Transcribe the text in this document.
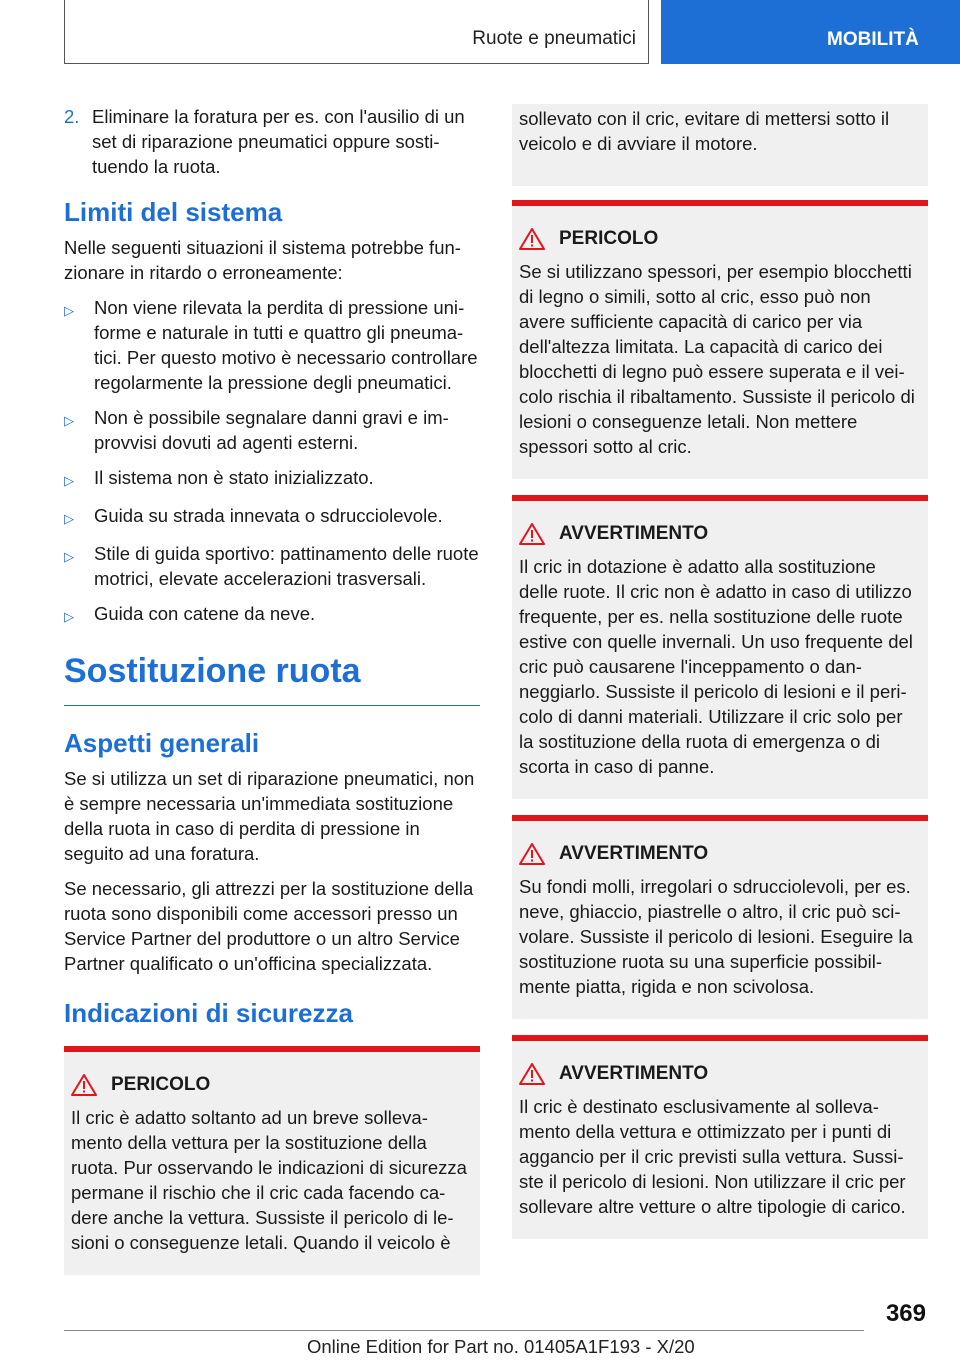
Ruote e pneumatici	MOBILITÀ
2. Eliminare la foratura per es. con l'ausilio di un set di riparazione pneumatici oppure sostituendo la ruota.
Limiti del sistema

Nelle seguenti situazioni il sistema potrebbe funzionare in ritardo o erroneamente:

▷	Non viene rilevata la perdita di pressione uniforme e naturale in tutti e quattro gli pneumatici. Per questo motivo è necessario controllare regolarmente la pressione degli pneumatici.
▷	Non è possibile segnalare danni gravi e improvvisi dovuti ad agenti esterni.
▷	Il sistema non è stato inizializzato.
▷	Guida su strada innevata o sdrucciolevole.
▷	Stile di guida sportivo: pattinamento delle ruote motrici, elevate accelerazioni trasversali.
▷	Guida con catene da neve.
Sostituzione ruota
Aspetti generali

Se si utilizza un set di riparazione pneumatici, non è sempre necessaria un'immediata sostituzione della ruota in caso di perdita di pressione in seguito ad una foratura.

Se necessario, gli attrezzi per la sostituzione della ruota sono disponibili come accessori presso un Service Partner del produttore o un altro Service Partner qualificato o un'officina specializzata.

Indicazioni di sicurezza
PERICOLO

Il cric è adatto soltanto ad un breve sollevamento della vettura per la sostituzione della ruota. Pur osservando le indicazioni di sicurezza permane il rischio che il cric cada facendo cadere anche la vettura. Sussiste il pericolo di lesioni o conseguenze letali. Quando il veicolo è

sollevato con il cric, evitare di mettersi sotto il veicolo e di avviare il motore.

PERICOLO

Se si utilizzano spessori, per esempio blocchetti di legno o simili, sotto al cric, esso può non avere sufficiente capacità di carico per via dell'altezza limitata. La capacità di carico dei blocchetti di legno può essere superata e il veicolo rischia il ribaltamento. Sussiste il pericolo di lesioni o conseguenze letali. Non mettere spessori sotto al cric.

AVVERTIMENTO

Il cric in dotazione è adatto alla sostituzione delle ruote. Il cric non è adatto in caso di utilizzo frequente, per es. nella sostituzione delle ruote estive con quelle invernali. Un uso frequente del cric può causarene l'inceppamento o danneggiarlo. Sussiste il pericolo di lesioni e il pericolo di danni materiali. Utilizzare il cric solo per la sostituzione della ruota di emergenza o di scorta in caso di panne.

AVVERTIMENTO

Su fondi molli, irregolari o sdrucciolevoli, per es. neve, ghiaccio, piastrelle o altro, il cric può scivolare. Sussiste il pericolo di lesioni. Eseguire la sostituzione ruota su una superficie possibilmente piatta, rigida e non scivolosa.

AVVERTIMENTO

Il cric è destinato esclusivamente al sollevamento della vettura e ottimizzato per i punti di aggancio per il cric previsti sulla vettura. Sussiste il pericolo di lesioni. Non utilizzare il cric per sollevare altre vetture o altre tipologie di carico.

369
Online Edition for Part no. 01405A1F193 - X/20
